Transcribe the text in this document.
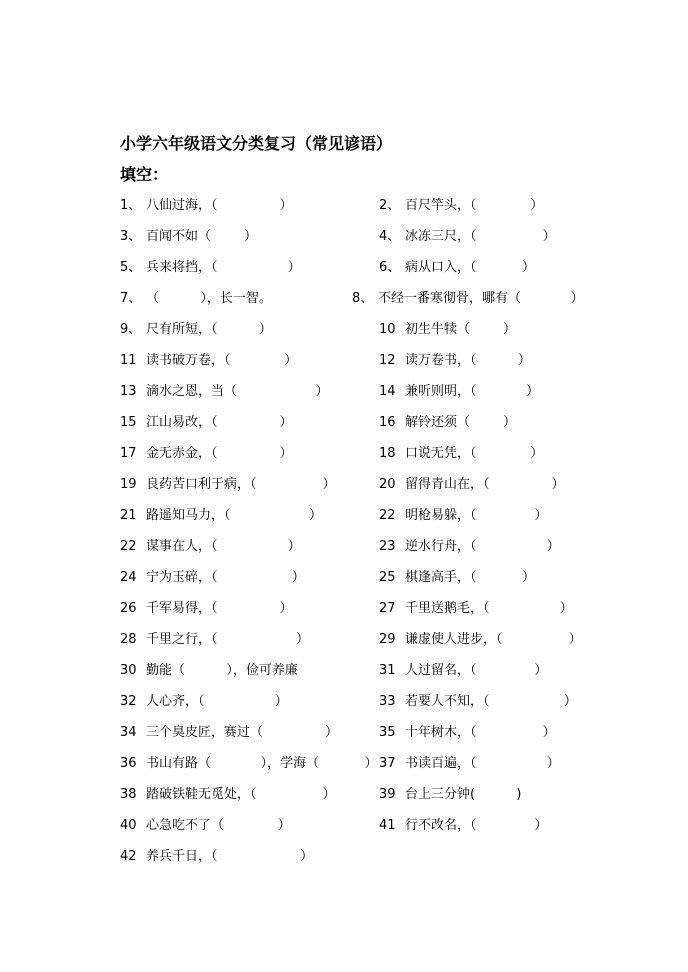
小学六年级语文分类复习（常见谚语）
填空：
1、 八仙过海，（               ）	2、 百尺竿头，（             ）
3、 百闻不如（        ）	4、 冰冻三尺，（                ）
5、 兵来将挡，（                 ）	6、 病从口入，（           ）
7、 （          ），长一智。	8、 不经一番寒彻骨，哪有（            ）
9、 尺有所短，（          ）	10 初生牛犊（        ）
11 读书破万卷，（             ）	12 读万卷书，（          ）
13 滴水之恩，当（                   ）	14 兼听则明，（            ）
15 江山易改，（               ）	16 解铃还须（        ）
17 金无赤金，（               ）	18 口说无凭，（             ）
19 良药苦口利于病，（                ）	20 留得青山在，（               ）
21 路遥知马力，（                   ）	22 明枪易躲，（              ）
22 谋事在人，（                 ）	23 逆水行舟，（                 ）
24 宁为玉碎，（                  ）	25 棋逢高手，（           ）
26 千军易得，（               ）	27 千里送鹅毛，（                 ）
28 千里之行，（                   ）	29 谦虚使人进步，（                ）
30 勤能（          ），俭可养廉	31 人过留名，（              ）
32 人心齐，（                 ）	33 若要人不知，（                  ）
34 三个臭皮匠，赛过（               ）	35 十年树木，（                ）
36 书山有路（            ），学海（           ） 37 书读百遍，（                 ）
38 踏破铁鞋无觅处，（                ）	39 台上三分钟(          )
40 心急吃不了（             ）	41 行不改名，（              ）
42 养兵千日，（                    ）
